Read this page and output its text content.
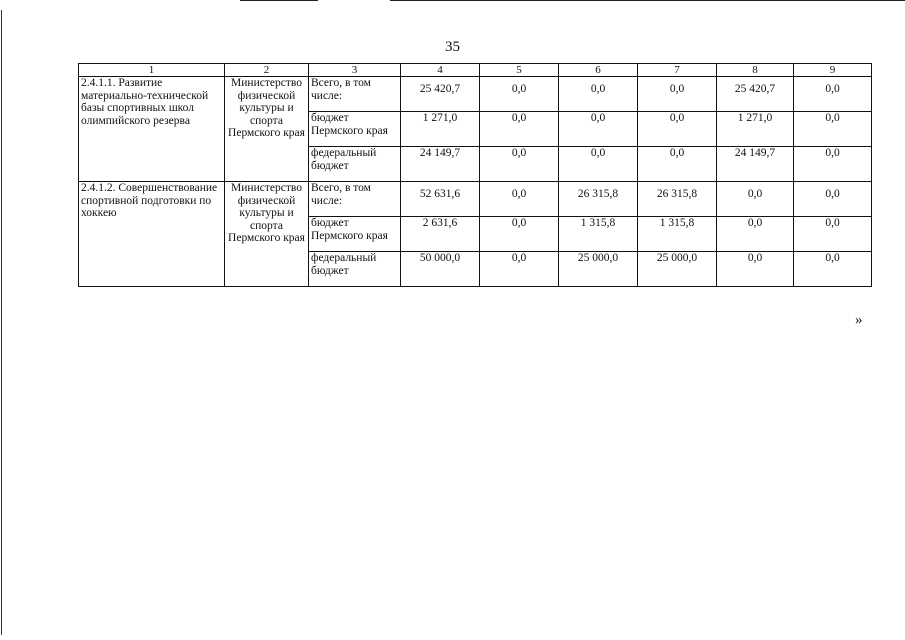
35
1	2	3	4	5	6	7	8	9
2.4.1.1. Развитие материально-технической базы спортивных школ олимпийского резерва	Министерство физической культуры и спорта Пермского края	Всего, в том числе:	25 420,7	0,0	0,0	0,0	25 420,7	0,0
		бюджет Пермского края	1 271,0	0,0	0,0	0,0	1 271,0	0,0
		федеральный бюджет	24 149,7	0,0	0,0	0,0	24 149,7	0,0
2.4.1.2. Совершенствование спортивной подготовки по хоккею	Министерство физической культуры и спорта Пермского края	Всего, в том числе:	52 631,6	0,0	26 315,8	26 315,8	0,0	0,0
		бюджет Пермского края	2 631,6	0,0	1 315,8	1 315,8	0,0	0,0
		федеральный бюджет	50 000,0	0,0	25 000,0	25 000,0	0,0	0,0
»
